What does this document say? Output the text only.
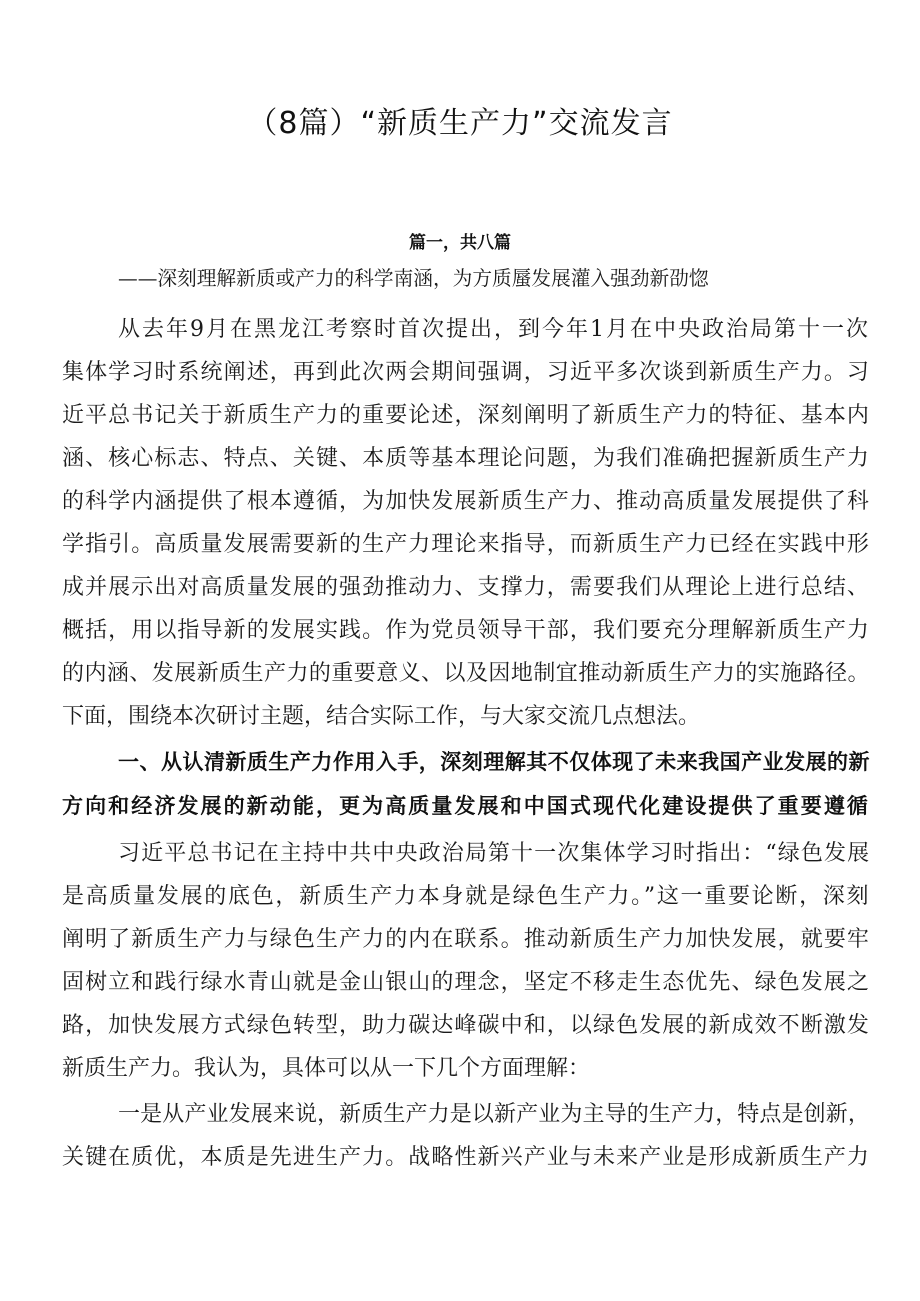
（8篇）“新质生产力”交流发言
篇一，共八篇
——深刻理解新质或产力的科学南涵，为方质蜃发展灌入强劲新劭惚
从去年9月在黑龙江考察时首次提出，到今年1月在中央政治局第十一次
集体学习时系统阐述，再到此次两会期间强调，习近平多次谈到新质生产力。习
近平总书记关于新质生产力的重要论述，深刻阐明了新质生产力的特征、基本内
涵、核心标志、特点、关键、本质等基本理论问题，为我们准确把握新质生产力
的科学内涵提供了根本遵循，为加快发展新质生产力、推动高质量发展提供了科
学指引。高质量发展需要新的生产力理论来指导，而新质生产力已经在实践中形
成并展示出对高质量发展的强劲推动力、支撑力，需要我们从理论上进行总结、
概括，用以指导新的发展实践。作为党员领导干部，我们要充分理解新质生产力
的内涵、发展新质生产力的重要意义、以及因地制宜推动新质生产力的实施路径。
下面，围绕本次研讨主题，结合实际工作，与大家交流几点想法。
一、从认清新质生产力作用入手，深刻理解其不仅体现了未来我国产业发展的新
方向和经济发展的新动能，更为高质量发展和中国式现代化建设提供了重要遵循
习近平总书记在主持中共中央政治局第十一次集体学习时指出：“绿色发展
是高质量发展的底色，新质生产力本身就是绿色生产力。”这一重要论断，深刻
阐明了新质生产力与绿色生产力的内在联系。推动新质生产力加快发展，就要牢
固树立和践行绿水青山就是金山银山的理念，坚定不移走生态优先、绿色发展之
路，加快发展方式绿色转型，助力碳达峰碳中和，以绿色发展的新成效不断激发
新质生产力。我认为，具体可以从一下几个方面理解：
一是从产业发展来说，新质生产力是以新产业为主导的生产力，特点是创新，
关键在质优，本质是先进生产力。战略性新兴产业与未来产业是形成新质生产力
